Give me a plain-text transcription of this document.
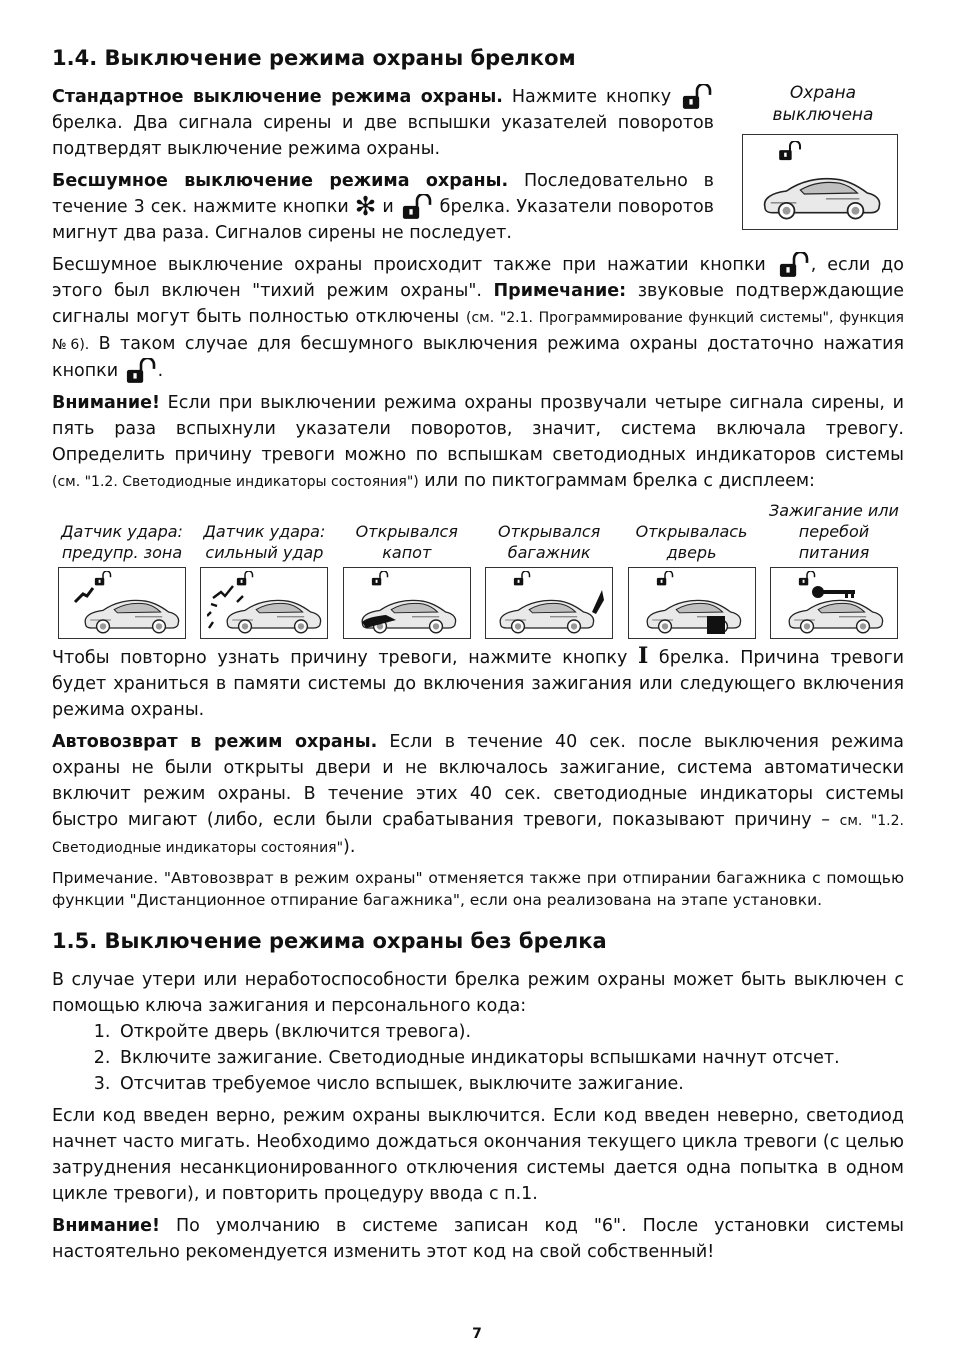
1.4. Выключение режима охраны брелком

Стандартное выключение режима охраны. Нажмите кнопку  брелка. Два сигнала сирены и две вспышки указателей поворотов подтвердят выключение режима охраны.

Бесшумное выключение режима охраны. Последовательно в течение 3 сек. нажмите кнопки ✻ и  брелка. Указатели поворотов мигнут два раза. Сигналов сирены не последует.

Охрана
выключена

Бесшумное выключение охраны происходит также при нажатии кнопки , если до этого был включен "тихий режим охраны". Примечание: звуковые подтверждающие сигналы могут быть полностью отключены (см. "2.1. Программирование функций системы", функция №6). В таком случае для бесшумного выключения режима охраны достаточно нажатия кнопки .

Внимание! Если при выключении режима охраны прозвучали четыре сигнала сирены, и пять раза вспыхнули указатели поворотов, значит, система включала тревогу. Определить причину тревоги можно по вспышкам светодиодных индикаторов системы (см. "1.2. Светодиодные индикаторы состояния") или по пиктограммам брелка с дисплеем:

Датчик удара: предупр. зона
Датчик удара: сильный удар
Открывался капот
Открывался багажник
Открывалась дверь
Зажигание или перебой питания

Чтобы повторно узнать причину тревоги, нажмите кнопку I брелка. Причина тревоги будет храниться в памяти системы до включения зажигания или следующего включения режима охраны.

Автовозврат в режим охраны. Если в течение 40 сек. после выключения режима охраны не были открыты двери и не включалось зажигание, система автоматически включит режим охраны. В течение этих 40 сек. светодиодные индикаторы системы быстро мигают (либо, если были срабатывания тревоги, показывают причину – см. "1.2. Светодиодные индикаторы состояния").

Примечание. "Автовозврат в режим охраны" отменяется также при отпирании багажника с помощью функции "Дистанционное отпирание багажника", если она реализована на этапе установки.

1.5. Выключение режима охраны без брелка

В случае утери или неработоспособности брелка режим охраны может быть выключен с помощью ключа зажигания и персонального кода:

1. Откройте дверь (включится тревога).
2. Включите зажигание. Светодиодные индикаторы вспышками начнут отсчет.
3. Отсчитав требуемое число вспышек, выключите зажигание.

Если код введен верно, режим охраны выключится. Если код введен неверно, светодиод начнет часто мигать. Необходимо дождаться окончания текущего цикла тревоги (с целью затруднения несанкционированного отключения системы дается одна попытка в одном цикле тревоги), и повторить процедуру ввода с п.1.

Внимание! По умолчанию в системе записан код "6". После установки системы настоятельно рекомендуется изменить этот код на свой собственный!

7
